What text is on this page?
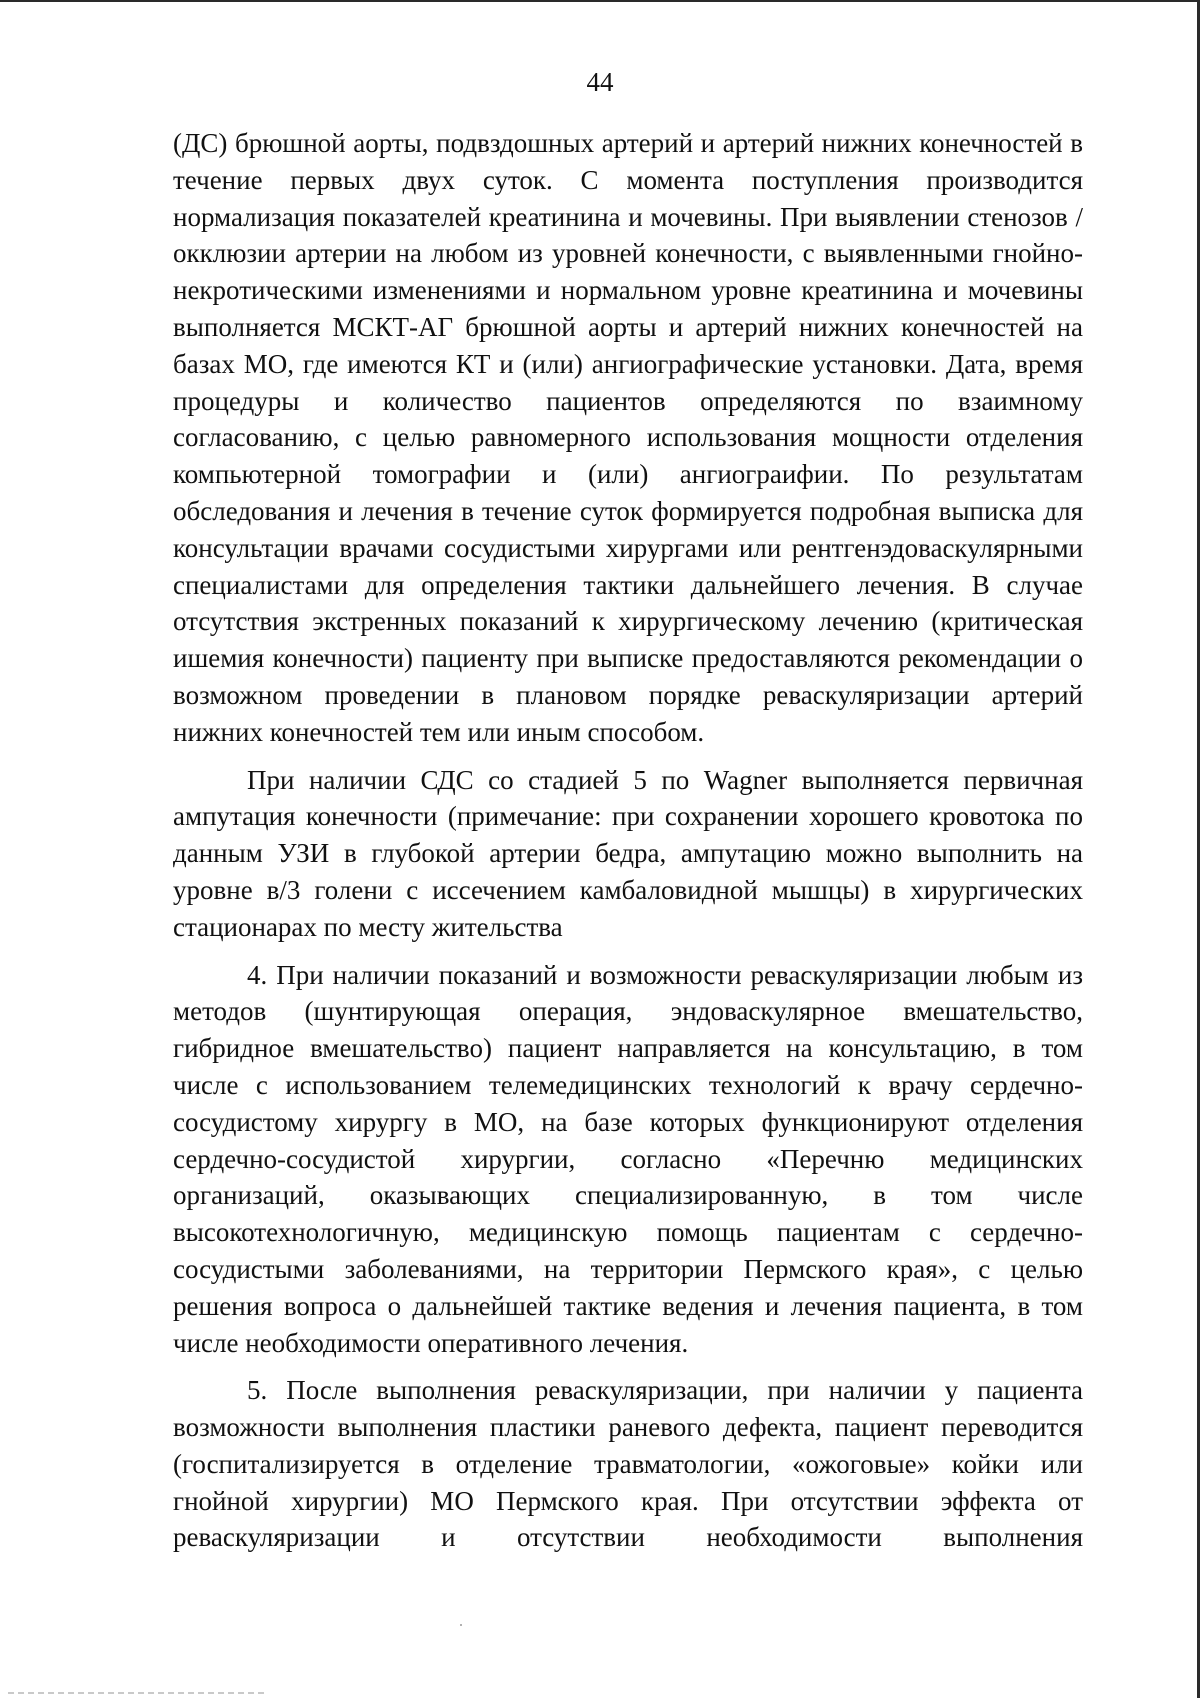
44

(ДС) брюшной аорты, подвздошных артерий и артерий нижних конечностей в течение первых двух суток. С момента поступления производится нормализация показателей креатинина и мочевины. При выявлении стенозов / окклюзии артерии на любом из уровней конечности, с выявленными гнойно-некротическими изменениями и нормальном уровне креатинина и мочевины выполняется МСКТ-АГ брюшной аорты и артерий нижних конечностей на базах МО, где имеются КТ и (или) ангиографические установки. Дата, время процедуры и количество пациентов определяются по взаимному согласованию, с целью равномерного использования мощности отделения компьютерной томографии и (или) ангиограифии. По результатам обследования и лечения в течение суток формируется подробная выписка для консультации врачами сосудистыми хирургами или рентгенэдоваскулярными специалистами для определения тактики дальнейшего лечения. В случае отсутствия экстренных показаний к хирургическому лечению (критическая ишемия конечности) пациенту при выписке предоставляются рекомендации о возможном проведении в плановом порядке реваскуляризации артерий нижних конечностей тем или иным способом.

При наличии СДС со стадией 5 по Wagner выполняется первичная ампутация конечности (примечание: при сохранении хорошего кровотока по данным УЗИ в глубокой артерии бедра, ампутацию можно выполнить на уровне в/3 голени с иссечением камбаловидной мышцы) в хирургических стационарах по месту жительства

4. При наличии показаний и возможности реваскуляризации любым из методов (шунтирующая операция, эндоваскулярное вмешательство, гибридное вмешательство) пациент направляется на консультацию, в том числе с использованием телемедицинских технологий к врачу сердечно-сосудистому хирургу в МО, на базе которых функционируют отделения сердечно-сосудистой хирургии, согласно «Перечню медицинских организаций, оказывающих специализированную, в том числе высокотехнологичную, медицинскую помощь пациентам с сердечно-сосудистыми заболеваниями, на территории Пермского края», с целью решения вопроса о дальнейшей тактике ведения и лечения пациента, в том числе необходимости оперативного лечения.

5. После выполнения реваскуляризации, при наличии у пациента возможности выполнения пластики раневого дефекта, пациент переводится (госпитализируется в отделение травматологии, «ожоговые» койки или гнойной хирургии) МО Пермского края. При отсутствии эффекта от реваскуляризации и отсутствии необходимости выполнения
